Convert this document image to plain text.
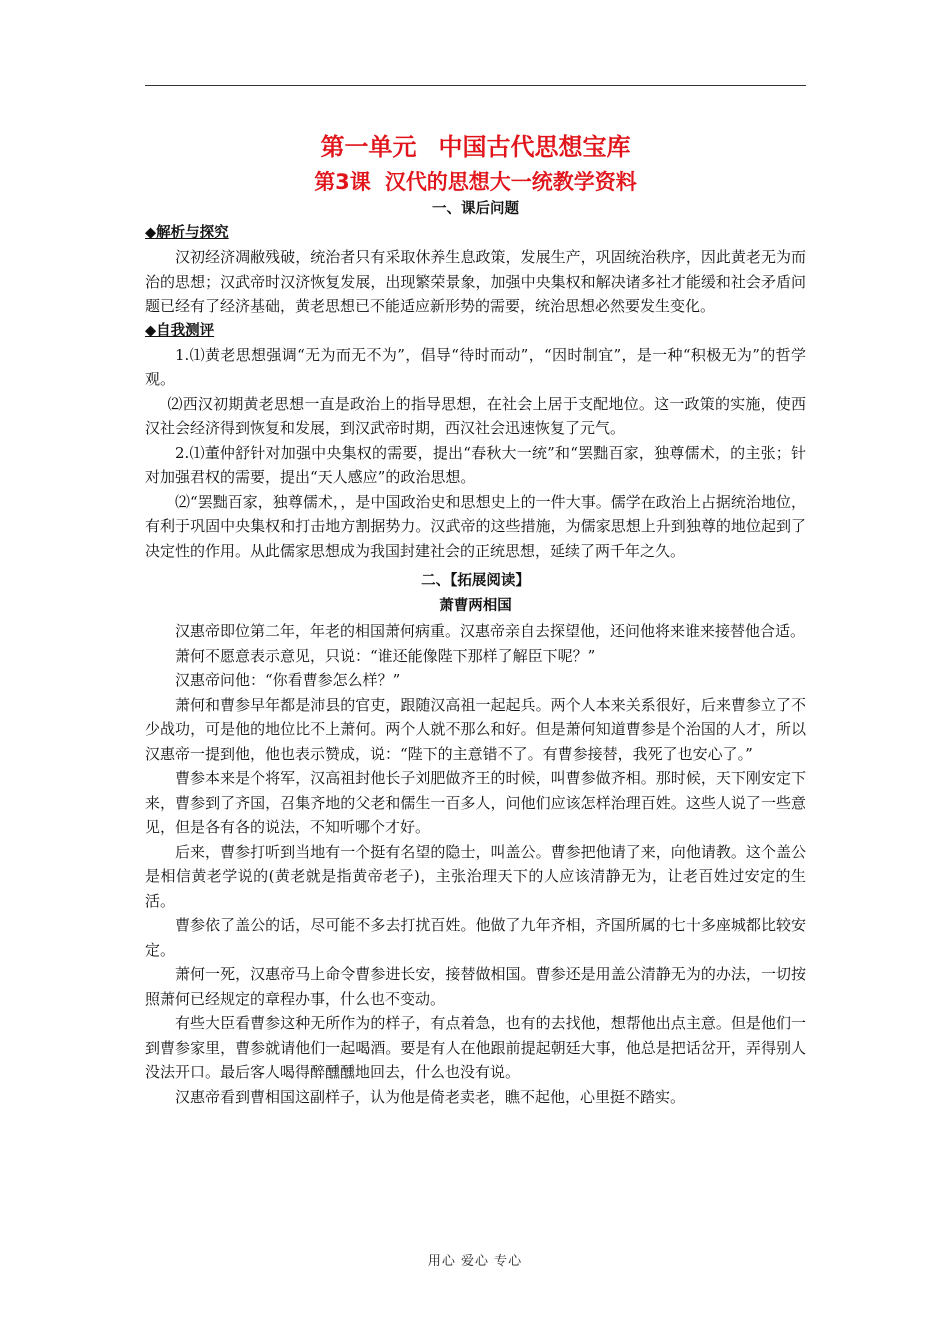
第一单元 中国古代思想宝库
第3课 汉代的思想大一统教学资料
一、课后问题
◆解析与探究

汉初经济凋敝残破，统治者只有采取休养生息政策，发展生产，巩固统治秩序，因此黄老无为而治的思想；汉武帝时汉济恢复发展，出现繁荣景象，加强中央集权和解决诸多社才能缓和社会矛盾问题已经有了经济基础，黄老思想已不能适应新形势的需要，统治思想必然要发生变化。

◆自我测评

1.⑴黄老思想强调“无为而无不为”，倡导“待时而动”，“因时制宜”，是一种“积极无为”的哲学观。

⑵西汉初期黄老思想一直是政治上的指导思想，在社会上居于支配地位。这一政策的实施，使西汉社会经济得到恢复和发展，到汉武帝时期，西汉社会迅速恢复了元气。

2.⑴董仲舒针对加强中央集权的需要，提出“春秋大一统”和“罢黜百家，独尊儒术，的主张；针对加强君权的需要，提出“天人感应”的政治思想。

⑵“罢黜百家，独尊儒术，，是中国政治史和思想史上的一件大事。儒学在政治上占据统治地位，有利于巩固中央集权和打击地方割据势力。汉武帝的这些措施，为儒家思想上升到独尊的地位起到了决定性的作用。从此儒家思想成为我国封建社会的正统思想，延续了两千年之久。

二、【拓展阅读】
萧曹两相国

汉惠帝即位第二年，年老的相国萧何病重。汉惠帝亲自去探望他，还问他将来谁来接替他合适。

萧何不愿意表示意见，只说：“谁还能像陛下那样了解臣下呢？”

汉惠帝问他：“你看曹参怎么样？”

萧何和曹参早年都是沛县的官吏，跟随汉高祖一起起兵。两个人本来关系很好，后来曹参立了不少战功，可是他的地位比不上萧何。两个人就不那么和好。但是萧何知道曹参是个治国的人才，所以汉惠帝一提到他，他也表示赞成，说：“陛下的主意错不了。有曹参接替，我死了也安心了。”

曹参本来是个将军，汉高祖封他长子刘肥做齐王的时候，叫曹参做齐相。那时候，天下刚安定下来，曹参到了齐国，召集齐地的父老和儒生一百多人，问他们应该怎样治理百姓。这些人说了一些意见，但是各有各的说法，不知听哪个才好。

后来，曹参打听到当地有一个挺有名望的隐士，叫盖公。曹参把他请了来，向他请教。这个盖公是相信黄老学说的(黄老就是指黄帝老子)，主张治理天下的人应该清静无为，让老百姓过安定的生活。

曹参依了盖公的话，尽可能不多去打扰百姓。他做了九年齐相，齐国所属的七十多座城都比较安定。

萧何一死，汉惠帝马上命令曹参进长安，接替做相国。曹参还是用盖公清静无为的办法，一切按照萧何已经规定的章程办事，什么也不变动。

有些大臣看曹参这种无所作为的样子，有点着急，也有的去找他，想帮他出点主意。但是他们一到曹参家里，曹参就请他们一起喝酒。要是有人在他跟前提起朝廷大事，他总是把话岔开，弄得别人没法开口。最后客人喝得醉醺醺地回去，什么也没有说。

汉惠帝看到曹相国这副样子，认为他是倚老卖老，瞧不起他，心里挺不踏实。

用心 爱心 专心
